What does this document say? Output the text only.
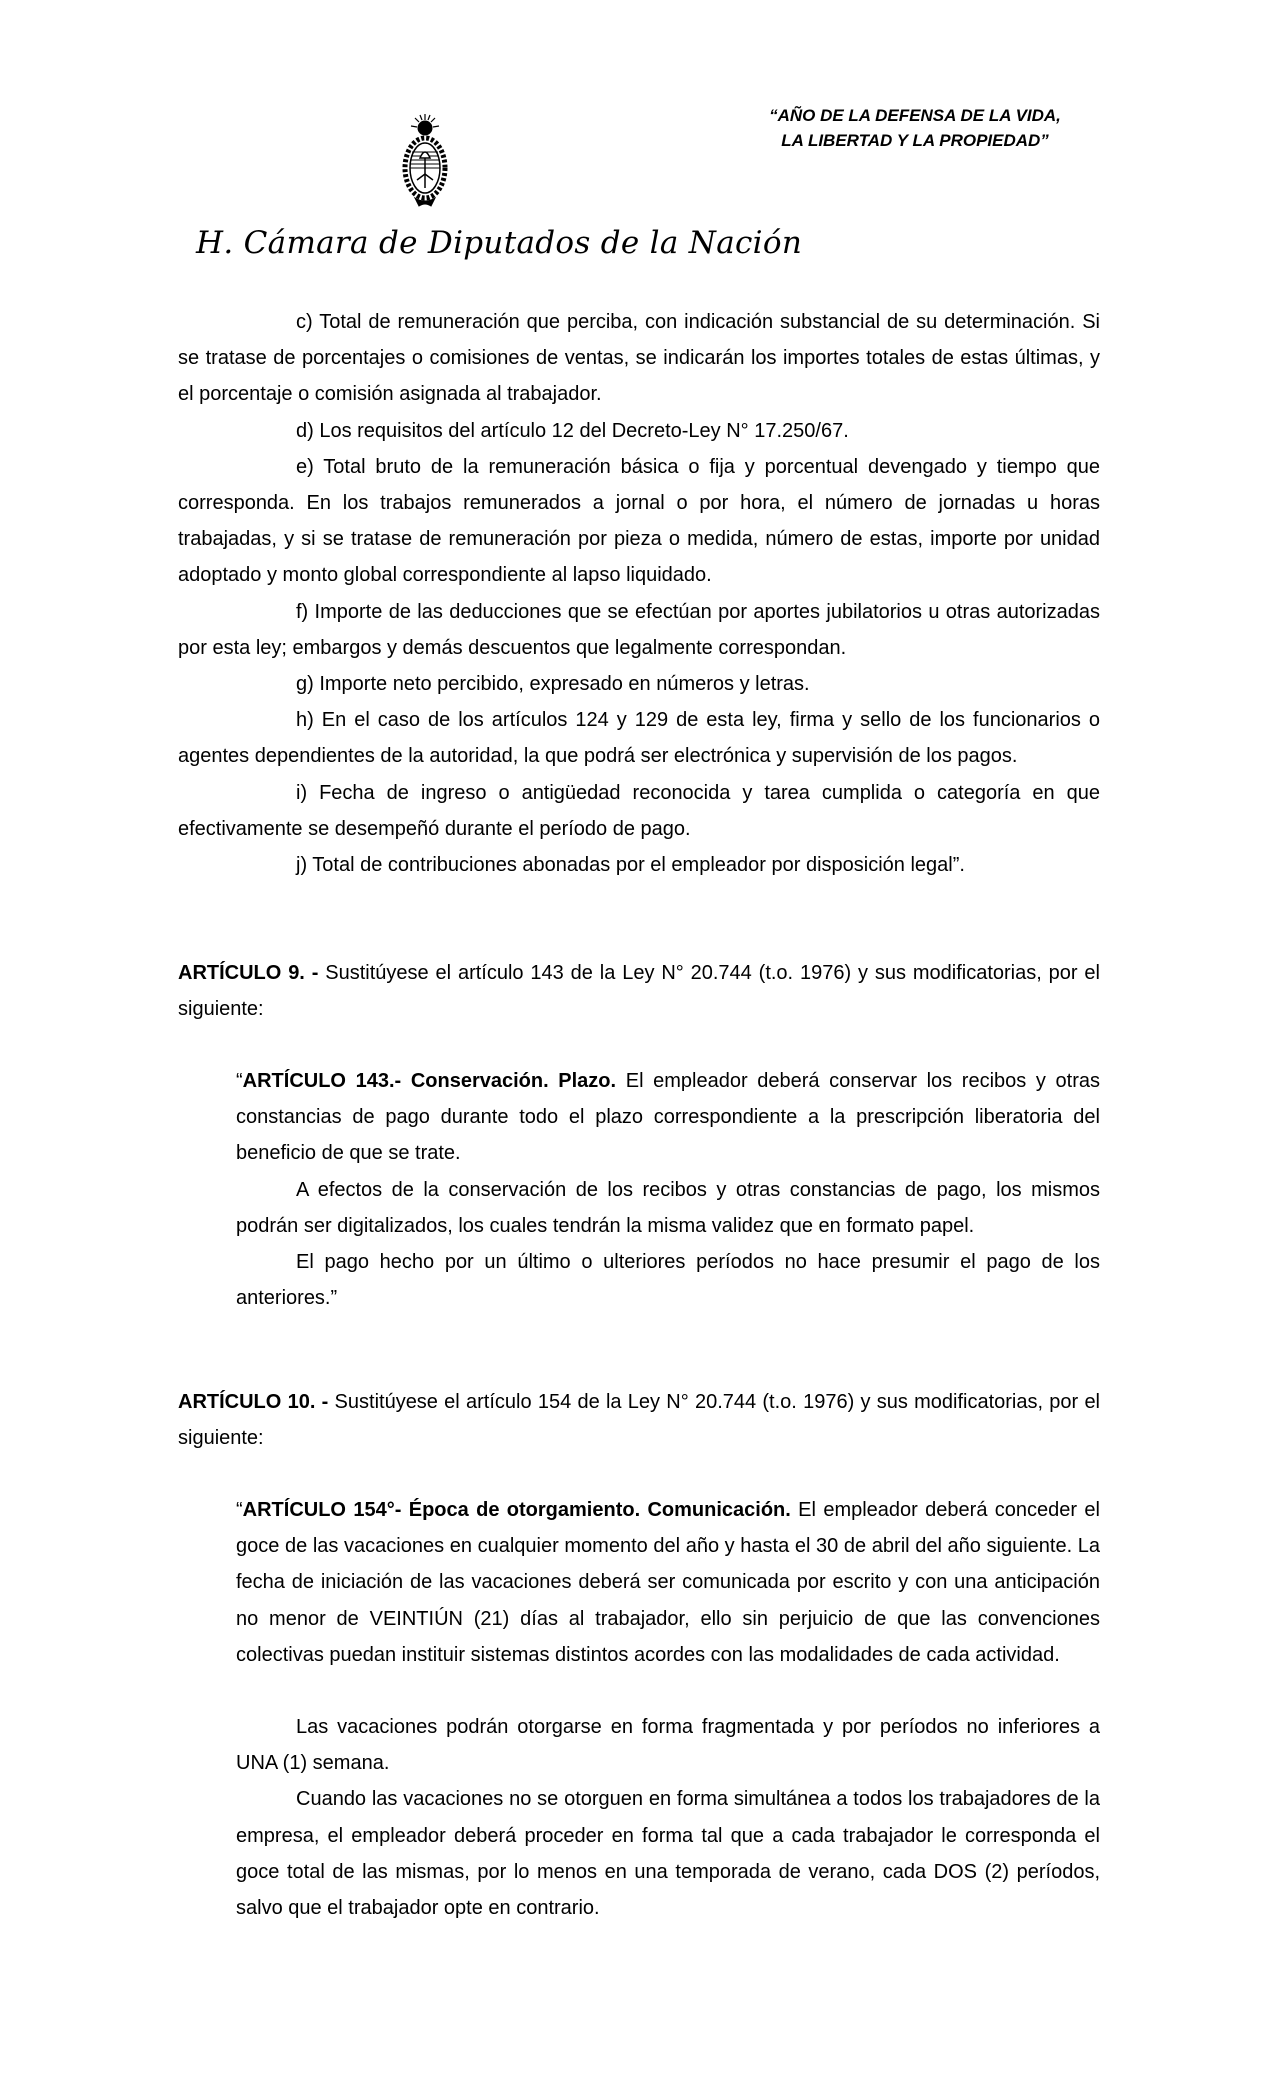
“AÑO DE LA DEFENSA DE LA VIDA,
LA LIBERTAD Y LA PROPIEDAD”
H. Cámara de Diputados de la Nación

c) Total de remuneración que perciba, con indicación substancial de su determinación. Si se tratase de porcentajes o comisiones de ventas, se indicarán los importes totales de estas últimas, y el porcentaje o comisión asignada al trabajador.

d) Los requisitos del artículo 12 del Decreto-Ley N° 17.250/67.

e) Total bruto de la remuneración básica o fija y porcentual devengado y tiempo que corresponda. En los trabajos remunerados a jornal o por hora, el número de jornadas u horas trabajadas, y si se tratase de remuneración por pieza o medida, número de estas, importe por unidad adoptado y monto global correspondiente al lapso liquidado.

f) Importe de las deducciones que se efectúan por aportes jubilatorios u otras autorizadas por esta ley; embargos y demás descuentos que legalmente correspondan.

g) Importe neto percibido, expresado en números y letras.

h) En el caso de los artículos 124 y 129 de esta ley, firma y sello de los funcionarios o agentes dependientes de la autoridad, la que podrá ser electrónica y supervisión de los pagos.

i) Fecha de ingreso o antigüedad reconocida y tarea cumplida o categoría en que efectivamente se desempeñó durante el período de pago.

j) Total de contribuciones abonadas por el empleador por disposición legal”.

ARTÍCULO 9. - Sustitúyese el artículo 143 de la Ley N° 20.744 (t.o. 1976) y sus modificatorias, por el siguiente:

“ARTÍCULO 143.- Conservación. Plazo. El empleador deberá conservar los recibos y otras constancias de pago durante todo el plazo correspondiente a la prescripción liberatoria del beneficio de que se trate.

A efectos de la conservación de los recibos y otras constancias de pago, los mismos podrán ser digitalizados, los cuales tendrán la misma validez que en formato papel.

El pago hecho por un último o ulteriores períodos no hace presumir el pago de los anteriores.”

ARTÍCULO 10. - Sustitúyese el artículo 154 de la Ley N° 20.744 (t.o. 1976) y sus modificatorias, por el siguiente:

“ARTÍCULO 154°- Época de otorgamiento. Comunicación. El empleador deberá conceder el goce de las vacaciones en cualquier momento del año y hasta el 30 de abril del año siguiente. La fecha de iniciación de las vacaciones deberá ser comunicada por escrito y con una anticipación no menor de VEINTIÚN (21) días al trabajador, ello sin perjuicio de que las convenciones colectivas puedan instituir sistemas distintos acordes con las modalidades de cada actividad.

Las vacaciones podrán otorgarse en forma fragmentada y por períodos no inferiores a UNA (1) semana.

Cuando las vacaciones no se otorguen en forma simultánea a todos los trabajadores de la empresa, el empleador deberá proceder en forma tal que a cada trabajador le corresponda el goce total de las mismas, por lo menos en una temporada de verano, cada DOS (2) períodos, salvo que el trabajador opte en contrario.
